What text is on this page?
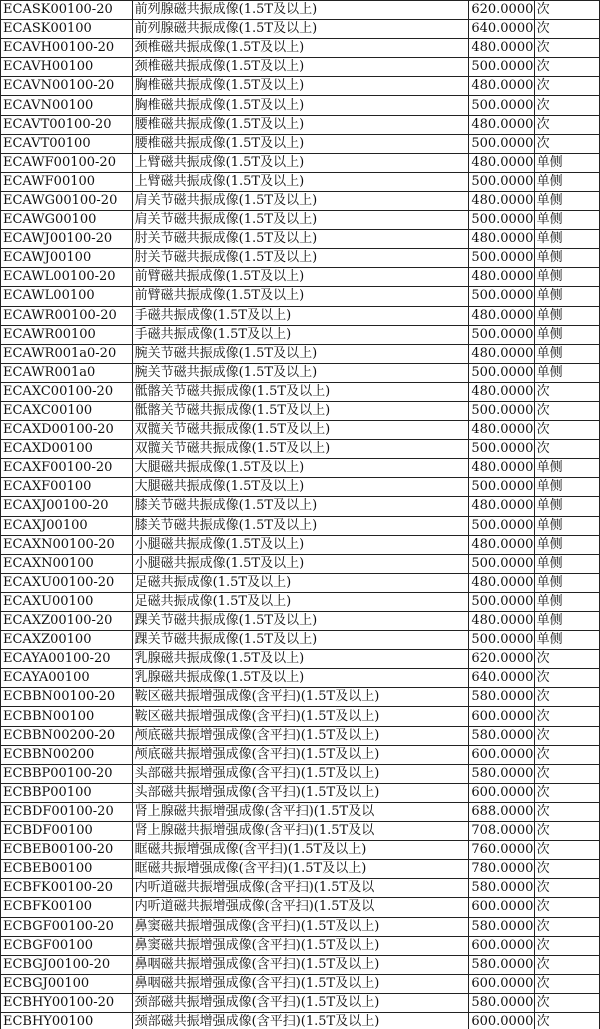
ECASK00100-20	前列腺磁共振成像(1.5T及以上)	620.0000	次
ECASK00100	前列腺磁共振成像(1.5T及以上)	640.0000	次
ECAVH00100-20	颈椎磁共振成像(1.5T及以上)	480.0000	次
ECAVH00100	颈椎磁共振成像(1.5T及以上)	500.0000	次
ECAVN00100-20	胸椎磁共振成像(1.5T及以上)	480.0000	次
ECAVN00100	胸椎磁共振成像(1.5T及以上)	500.0000	次
ECAVT00100-20	腰椎磁共振成像(1.5T及以上)	480.0000	次
ECAVT00100	腰椎磁共振成像(1.5T及以上)	500.0000	次
ECAWF00100-20	上臂磁共振成像(1.5T及以上)	480.0000	单侧
ECAWF00100	上臂磁共振成像(1.5T及以上)	500.0000	单侧
ECAWG00100-20	肩关节磁共振成像(1.5T及以上)	480.0000	单侧
ECAWG00100	肩关节磁共振成像(1.5T及以上)	500.0000	单侧
ECAWJ00100-20	肘关节磁共振成像(1.5T及以上)	480.0000	单侧
ECAWJ00100	肘关节磁共振成像(1.5T及以上)	500.0000	单侧
ECAWL00100-20	前臂磁共振成像(1.5T及以上)	480.0000	单侧
ECAWL00100	前臂磁共振成像(1.5T及以上)	500.0000	单侧
ECAWR00100-20	手磁共振成像(1.5T及以上)	480.0000	单侧
ECAWR00100	手磁共振成像(1.5T及以上)	500.0000	单侧
ECAWR001a0-20	腕关节磁共振成像(1.5T及以上)	480.0000	单侧
ECAWR001a0	腕关节磁共振成像(1.5T及以上)	500.0000	单侧
ECAXC00100-20	骶髂关节磁共振成像(1.5T及以上)	480.0000	次
ECAXC00100	骶髂关节磁共振成像(1.5T及以上)	500.0000	次
ECAXD00100-20	双髋关节磁共振成像(1.5T及以上)	480.0000	次
ECAXD00100	双髋关节磁共振成像(1.5T及以上)	500.0000	次
ECAXF00100-20	大腿磁共振成像(1.5T及以上)	480.0000	单侧
ECAXF00100	大腿磁共振成像(1.5T及以上)	500.0000	单侧
ECAXJ00100-20	膝关节磁共振成像(1.5T及以上)	480.0000	单侧
ECAXJ00100	膝关节磁共振成像(1.5T及以上)	500.0000	单侧
ECAXN00100-20	小腿磁共振成像(1.5T及以上)	480.0000	单侧
ECAXN00100	小腿磁共振成像(1.5T及以上)	500.0000	单侧
ECAXU00100-20	足磁共振成像(1.5T及以上)	480.0000	单侧
ECAXU00100	足磁共振成像(1.5T及以上)	500.0000	单侧
ECAXZ00100-20	踝关节磁共振成像(1.5T及以上)	480.0000	单侧
ECAXZ00100	踝关节磁共振成像(1.5T及以上)	500.0000	单侧
ECAYA00100-20	乳腺磁共振成像(1.5T及以上)	620.0000	次
ECAYA00100	乳腺磁共振成像(1.5T及以上)	640.0000	次
ECBBN00100-20	鞍区磁共振增强成像(含平扫)(1.5T及以上)	580.0000	次
ECBBN00100	鞍区磁共振增强成像(含平扫)(1.5T及以上)	600.0000	次
ECBBN00200-20	颅底磁共振增强成像(含平扫)(1.5T及以上)	580.0000	次
ECBBN00200	颅底磁共振增强成像(含平扫)(1.5T及以上)	600.0000	次
ECBBP00100-20	头部磁共振增强成像(含平扫)(1.5T及以上)	580.0000	次
ECBBP00100	头部磁共振增强成像(含平扫)(1.5T及以上)	600.0000	次
ECBDF00100-20	肾上腺磁共振增强成像(含平扫)(1.5T及以	688.0000	次
ECBDF00100	肾上腺磁共振增强成像(含平扫)(1.5T及以	708.0000	次
ECBEB00100-20	眶磁共振增强成像(含平扫)(1.5T及以上)	760.0000	次
ECBEB00100	眶磁共振增强成像(含平扫)(1.5T及以上)	780.0000	次
ECBFK00100-20	内听道磁共振增强成像(含平扫)(1.5T及以	580.0000	次
ECBFK00100	内听道磁共振增强成像(含平扫)(1.5T及以	600.0000	次
ECBGF00100-20	鼻窦磁共振增强成像(含平扫)(1.5T及以上)	580.0000	次
ECBGF00100	鼻窦磁共振增强成像(含平扫)(1.5T及以上)	600.0000	次
ECBGJ00100-20	鼻咽磁共振增强成像(含平扫)(1.5T及以上)	580.0000	次
ECBGJ00100	鼻咽磁共振增强成像(含平扫)(1.5T及以上)	600.0000	次
ECBHY00100-20	颈部磁共振增强成像(含平扫)(1.5T及以上)	580.0000	次
ECBHY00100	颈部磁共振增强成像(含平扫)(1.5T及以上)	600.0000	次
